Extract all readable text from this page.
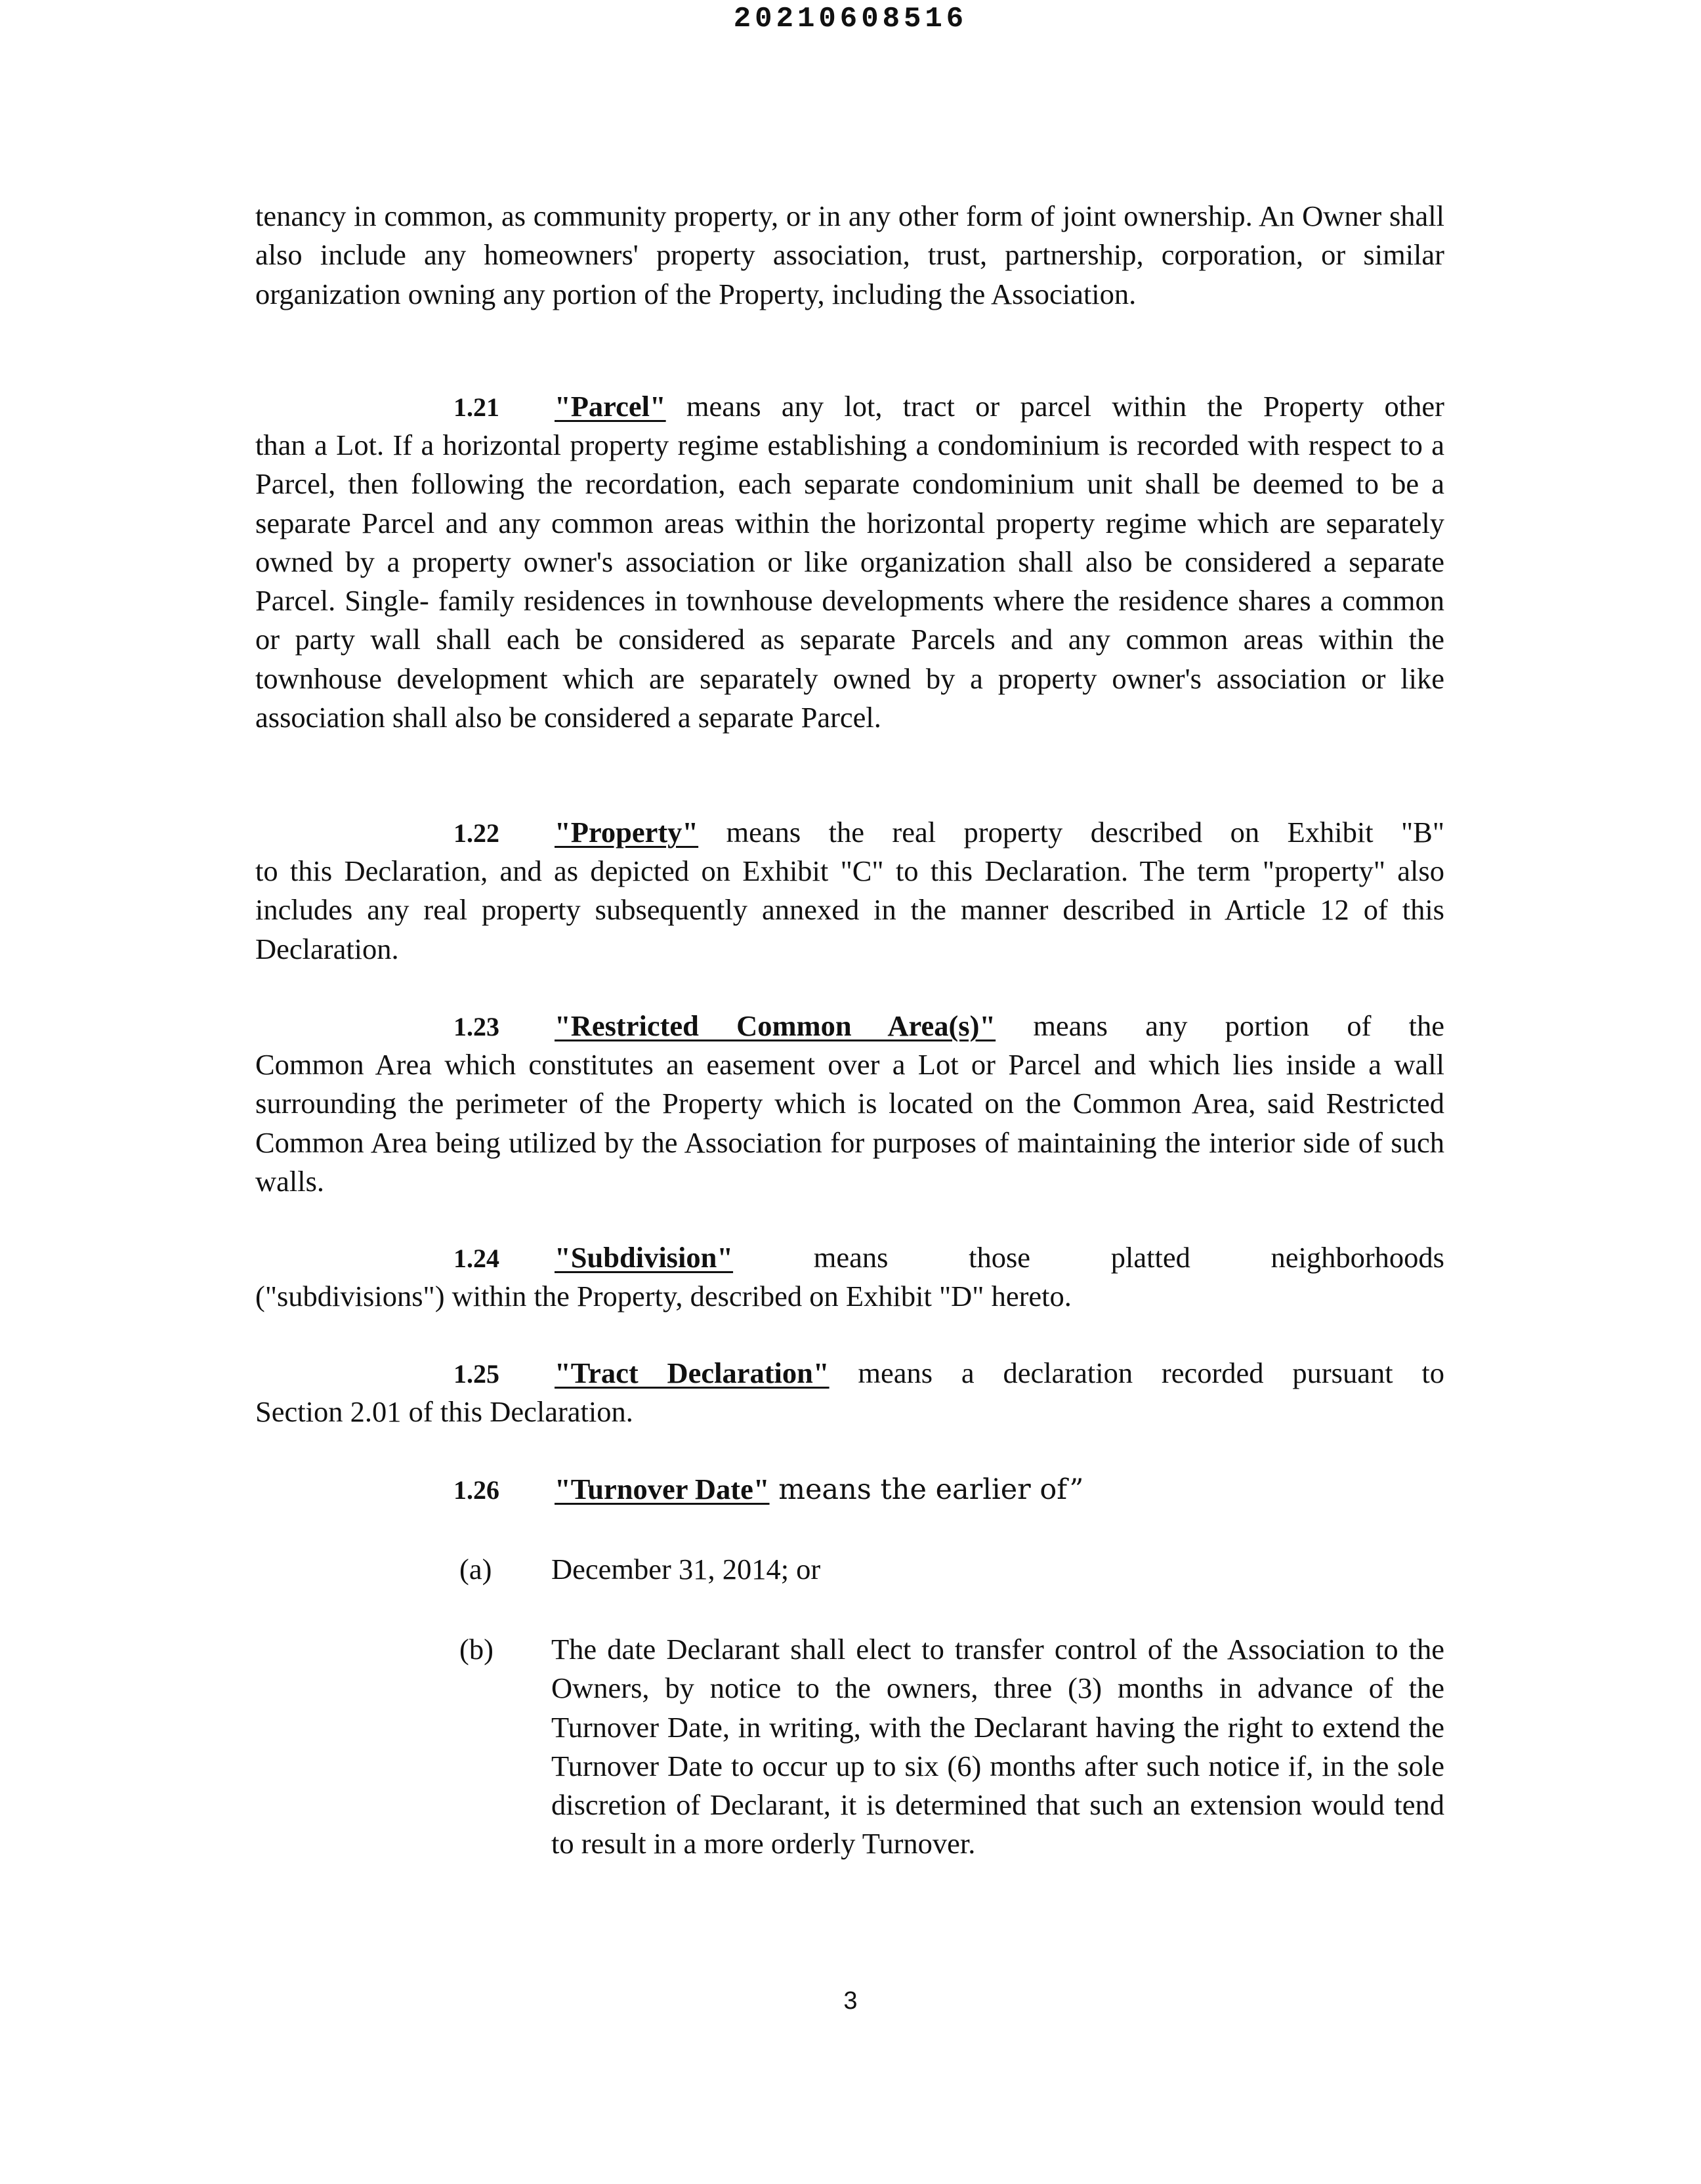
20210608516
tenancy in common, as community property, or in any other form of joint ownership. An Owner shall also include any homeowners' property association, trust, partnership, corporation, or similar organization owning any portion of the Property, including the Association.
1.21 "Parcel" means any lot, tract or parcel within the Property other
than a Lot. If a horizontal property regime establishing a condominium is recorded with respect to a Parcel, then following the recordation, each separate condominium unit shall be deemed to be a separate Parcel and any common areas within the horizontal property regime which are separately owned by a property owner's association or like organization shall also be considered a separate Parcel. Single- family residences in townhouse developments where the residence shares a common or party wall shall each be considered as separate Parcels and any common areas within the townhouse development which are separately owned by a property owner's association or like association shall also be considered a separate Parcel.
1.22 "Property" means the real property described on Exhibit "B"
to this Declaration, and as depicted on Exhibit "C" to this Declaration. The term "property" also includes any real property subsequently annexed in the manner described in Article 12 of this Declaration.
1.23 "Restricted Common Area(s)" means any portion of the
Common Area which constitutes an easement over a Lot or Parcel and which lies inside a wall surrounding the perimeter of the Property which is located on the Common Area, said Restricted Common Area being utilized by the Association for purposes of maintaining the interior side of such walls.
1.24 "Subdivision" means those platted neighborhoods
("subdivisions") within the Property, described on Exhibit "D" hereto.
1.25 "Tract Declaration" means a declaration recorded pursuant to
Section 2.01 of this Declaration.
1.26 "Turnover Date" means the earlier of”
(a) December 31, 2014; or
(b) The date Declarant shall elect to transfer control of the Association to the Owners, by notice to the owners, three (3) months in advance of the Turnover Date, in writing, with the Declarant having the right to extend the Turnover Date to occur up to six (6) months after such notice if, in the sole discretion of Declarant, it is determined that such an extension would tend to result in a more orderly Turnover.
3
